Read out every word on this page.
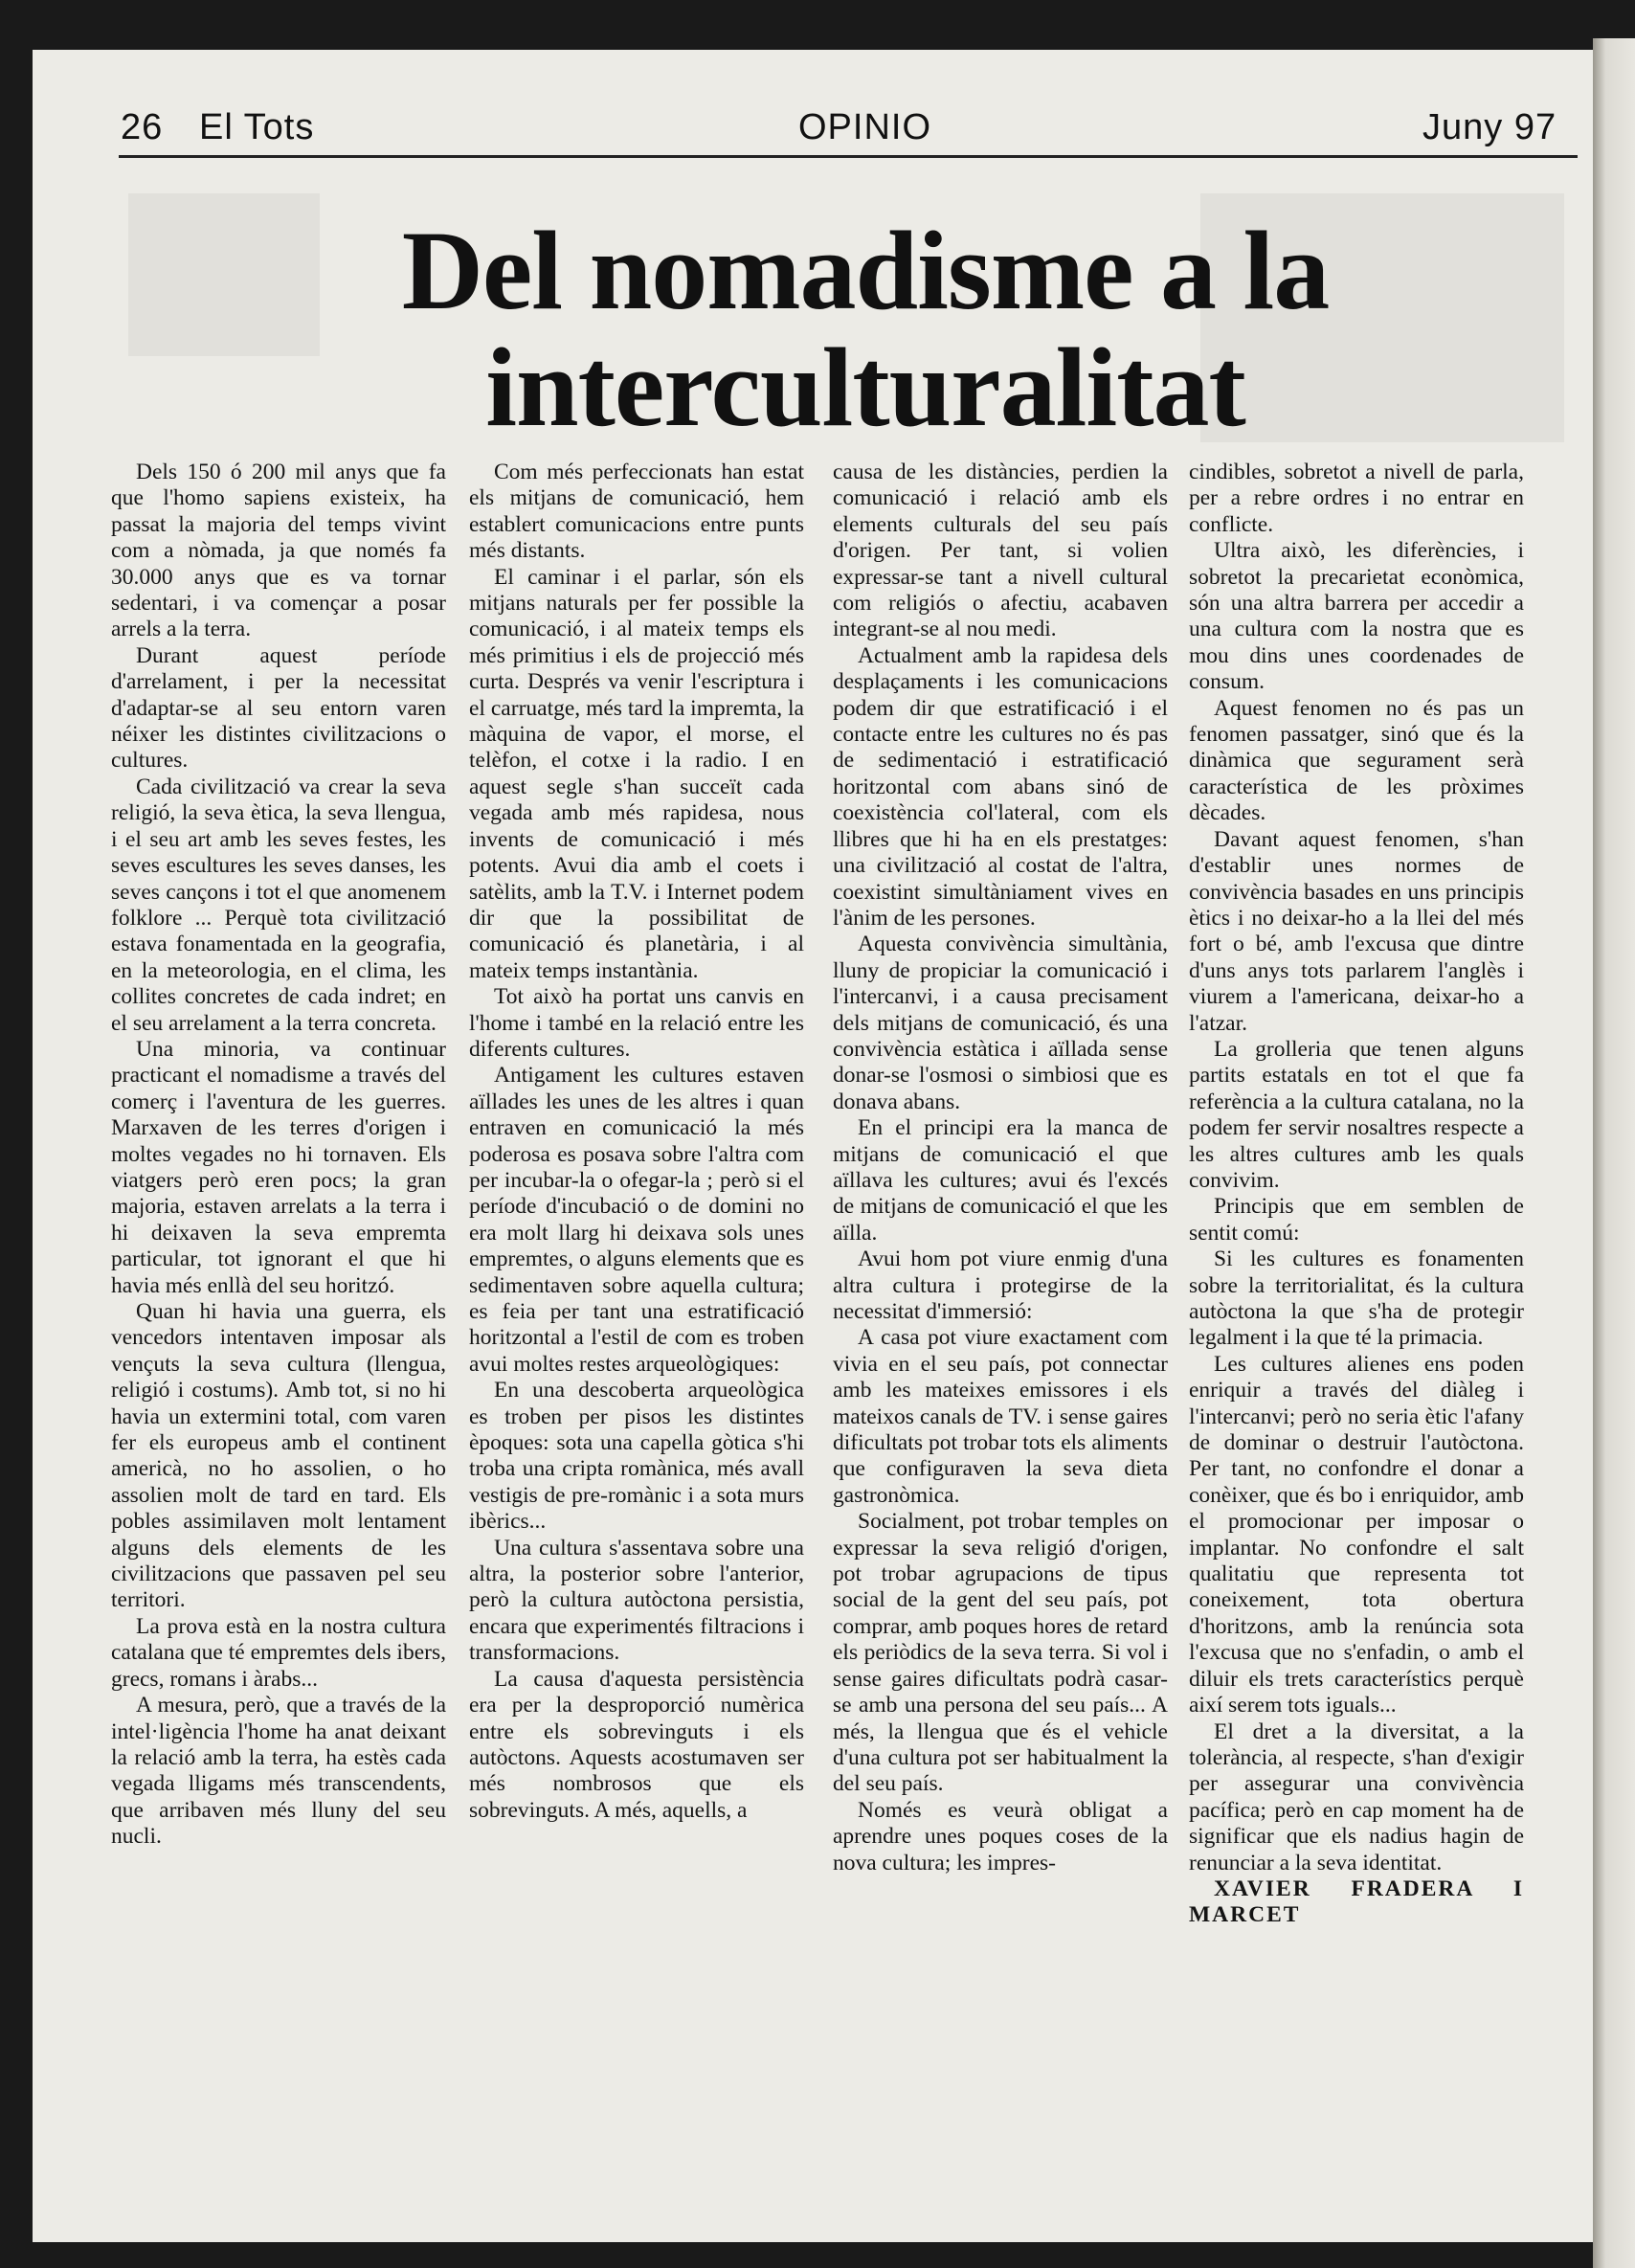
26 El Tots	OPINIO	Juny 97
Del nomadisme a la
interculturalitat

Dels 150 ó 200 mil anys que fa que l'homo sapiens existeix, ha passat la majoria del temps vivint com a nòmada, ja que només fa 30.000 anys que es va tornar sedentari, i va començar a posar arrels a la terra.

Durant aquest període d'arrelament, i per la necessitat d'adaptar-se al seu entorn varen néixer les distintes civilitzacions o cultures.

Cada civilització va crear la seva religió, la seva ètica, la seva llengua, i el seu art amb les seves festes, les seves escultures les seves danses, les seves cançons i tot el que anomenem folklore ... Perquè tota civilització estava fonamentada en la geografia, en la meteorologia, en el clima, les collites concretes de cada indret; en el seu arrelament a la terra concreta.

Una minoria, va continuar practicant el nomadisme a través del comerç i l'aventura de les guerres. Marxaven de les terres d'origen i moltes vegades no hi tornaven. Els viatgers però eren pocs; la gran majoria, estaven arrelats a la terra i hi deixaven la seva empremta particular, tot ignorant el que hi havia més enllà del seu horitzó.

Quan hi havia una guerra, els vencedors intentaven imposar als vençuts la seva cultura (llengua, religió i costums). Amb tot, si no hi havia un extermini total, com varen fer els europeus amb el continent americà, no ho assolien, o ho assolien molt de tard en tard. Els pobles assimilaven molt lentament alguns dels elements de les civilitzacions que passaven pel seu territori.

La prova està en la nostra cultura catalana que té empremtes dels ibers, grecs, romans i àrabs...

A mesura, però, que a través de la intel·ligència l'home ha anat deixant la relació amb la terra, ha estès cada vegada lligams més transcendents, que arribaven més lluny del seu nucli.

Com més perfeccionats han estat els mitjans de comunicació, hem establert comunicacions entre punts més distants.

El caminar i el parlar, són els mitjans naturals per fer possible la comunicació, i al mateix temps els més primitius i els de projecció més curta. Després va venir l'escriptura i el carruatge, més tard la impremta, la màquina de vapor, el morse, el telèfon, el cotxe i la radio. I en aquest segle s'han succeït cada vegada amb més rapidesa, nous invents de comunicació i més potents. Avui dia amb el coets i satèlits, amb la T.V. i Internet podem dir que la possibilitat de comunicació és planetària, i al mateix temps instantània.

Tot això ha portat uns canvis en l'home i també en la relació entre les diferents cultures.

Antigament les cultures estaven aïllades les unes de les altres i quan entraven en comunicació la més poderosa es posava sobre l'altra com per incubar-la o ofegar-la ; però si el període d'incubació o de domini no era molt llarg hi deixava sols unes empremtes, o alguns elements que es sedimentaven sobre aquella cultura; es feia per tant una estratificació horitzontal a l'estil de com es troben avui moltes restes arqueològiques:

En una descoberta arqueològica es troben per pisos les distintes èpoques: sota una capella gòtica s'hi troba una cripta romànica, més avall vestigis de pre-romànic i a sota murs ibèrics...

Una cultura s'assentava sobre una altra, la posterior sobre l'anterior, però la cultura autòctona persistia, encara que experimentés filtracions i transformacions.

La causa d'aquesta persistència era per la desproporció numèrica entre els sobrevinguts i els autòctons. Aquests acostumaven ser més nombrosos que els sobrevinguts. A més, aquells, a

causa de les distàncies, perdien la comunicació i relació amb els elements culturals del seu país d'origen. Per tant, si volien expressar-se tant a nivell cultural com religiós o afectiu, acabaven integrant-se al nou medi.

Actualment amb la rapidesa dels desplaçaments i les comunicacions podem dir que estratificació i el contacte entre les cultures no és pas de sedimentació i estratificació horitzontal com abans sinó de coexistència col'lateral, com els llibres que hi ha en els prestatges: una civilització al costat de l'altra, coexistint simultàniament vives en l'ànim de les persones.

Aquesta convivència simultània, lluny de propiciar la comunicació i l'intercanvi, i a causa precisament dels mitjans de comunicació, és una convivència estàtica i aïllada sense donar-se l'osmosi o simbiosi que es donava abans.

En el principi era la manca de mitjans de comunicació el que aïllava les cultures; avui és l'excés de mitjans de comunicació el que les aïlla.

Avui hom pot viure enmig d'una altra cultura i protegirse de la necessitat d'immersió:

A casa pot viure exactament com vivia en el seu país, pot connectar amb les mateixes emissores i els mateixos canals de TV. i sense gaires dificultats pot trobar tots els aliments que configuraven la seva dieta gastronòmica.

Socialment, pot trobar temples on expressar la seva religió d'origen, pot trobar agrupacions de tipus social de la gent del seu país, pot comprar, amb poques hores de retard els periòdics de la seva terra. Si vol i sense gaires dificultats podrà casar-se amb una persona del seu país... A més, la llengua que és el vehicle d'una cultura pot ser habitualment la del seu país.

Només es veurà obligat a aprendre unes poques coses de la nova cultura; les impres-

cindibles, sobretot a nivell de parla, per a rebre ordres i no entrar en conflicte.

Ultra això, les diferències, i sobretot la precarietat econòmica, són una altra barrera per accedir a una cultura com la nostra que es mou dins unes coordenades de consum.

Aquest fenomen no és pas un fenomen passatger, sinó que és la dinàmica que segurament serà característica de les pròximes dècades.

Davant aquest fenomen, s'han d'establir unes normes de convivència basades en uns principis ètics i no deixar-ho a la llei del més fort o bé, amb l'excusa que dintre d'uns anys tots parlarem l'anglès i viurem a l'americana, deixar-ho a l'atzar.

La grolleria que tenen alguns partits estatals en tot el que fa referència a la cultura catalana, no la podem fer servir nosaltres respecte a les altres cultures amb les quals convivim.

Principis que em semblen de sentit comú:

Si les cultures es fonamenten sobre la territorialitat, és la cultura autòctona la que s'ha de protegir legalment i la que té la primacia.

Les cultures alienes ens poden enriquir a través del diàleg i l'intercanvi; però no seria ètic l'afany de dominar o destruir l'autòctona. Per tant, no confondre el donar a conèixer, que és bo i enriquidor, amb el promocionar per imposar o implantar. No confondre el salt qualitatiu que representa tot coneixement, tota obertura d'horitzons, amb la renúncia sota l'excusa que no s'enfadin, o amb el diluir els trets característics perquè així serem tots iguals...

El dret a la diversitat, a la tolerància, al respecte, s'han d'exigir per assegurar una convivència pacífica; però en cap moment ha de significar que els nadius hagin de renunciar a la seva identitat.

XAVIER FRADERA I MARCET
